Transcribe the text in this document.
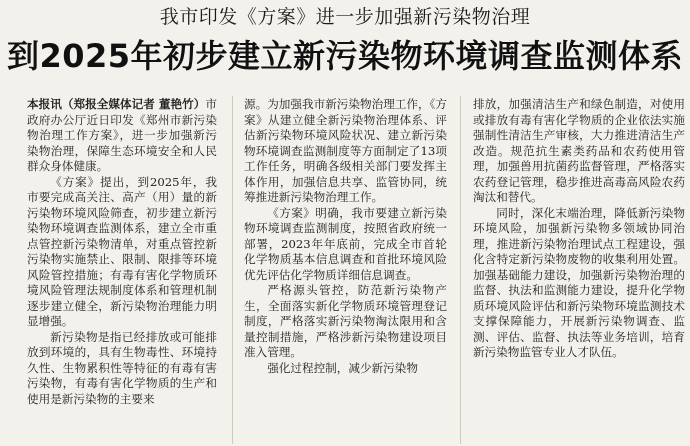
我市印发《方案》进一步加强新污染物治理
到2025年初步建立新污染物环境调查监测体系

本报讯（郑报全媒体记者 董艳竹）市政府办公厅近日印发《郑州市新污染物治理工作方案》，进一步加强新污染物治理，保障生态环境安全和人民群众身体健康。

《方案》提出，到2025年，我市要完成高关注、高产（用）量的新污染物环境风险筛查，初步建立新污染物环境调查监测体系，建立全市重点管控新污染物清单，对重点管控新污染物实施禁止、限制、限排等环境风险管控措施；有毒有害化学物质环境风险管理法规制度体系和管理机制逐步建立健全，新污染物治理能力明显增强。

新污染物是指已经排放或可能排放到环境的，具有生物毒性、环境持久性、生物累积性等特征的有毒有害污染物，有毒有害化学物质的生产和使用是新污染物的主要来

源。为加强我市新污染物治理工作，《方案》从建立健全新污染物治理体系、评估新污染物环境风险状况、建立新污染物环境调查监测制度等方面制定了13项工作任务，明确各级相关部门要发挥主体作用，加强信息共享、监管协同，统筹推进新污染物治理工作。

《方案》明确，我市要建立新污染物环境调查监测制度，按照省政府统一部署，2023年年底前，完成全市首轮化学物质基本信息调查和首批环境风险优先评估化学物质详细信息调查。

严格源头管控，防范新污染物产生，全面落实新化学物质环境管理登记制度，严格落实新污染物淘汰限用和含量控制措施，严格涉新污染物建设项目准入管理。

强化过程控制，减少新污染物

排放，加强清洁生产和绿色制造，对使用或排放有毒有害化学物质的企业依法实施强制性清洁生产审核，大力推进清洁生产改造。规范抗生素类药品和农药使用管理，加强兽用抗菌药监督管理，严格落实农药登记管理，稳步推进高毒高风险农药淘汰和替代。

同时，深化末端治理，降低新污染物环境风险，加强新污染物多领域协同治理，推进新污染物治理试点工程建设，强化含特定新污染物废物的收集利用处置。加强基础能力建设，加强新污染物治理的监督、执法和监测能力建设，提升化学物质环境风险评估和新污染物环境监测技术支撑保障能力，开展新污染物调查、监测、评估、监督、执法等业务培训，培育新污染物监管专业人才队伍。
